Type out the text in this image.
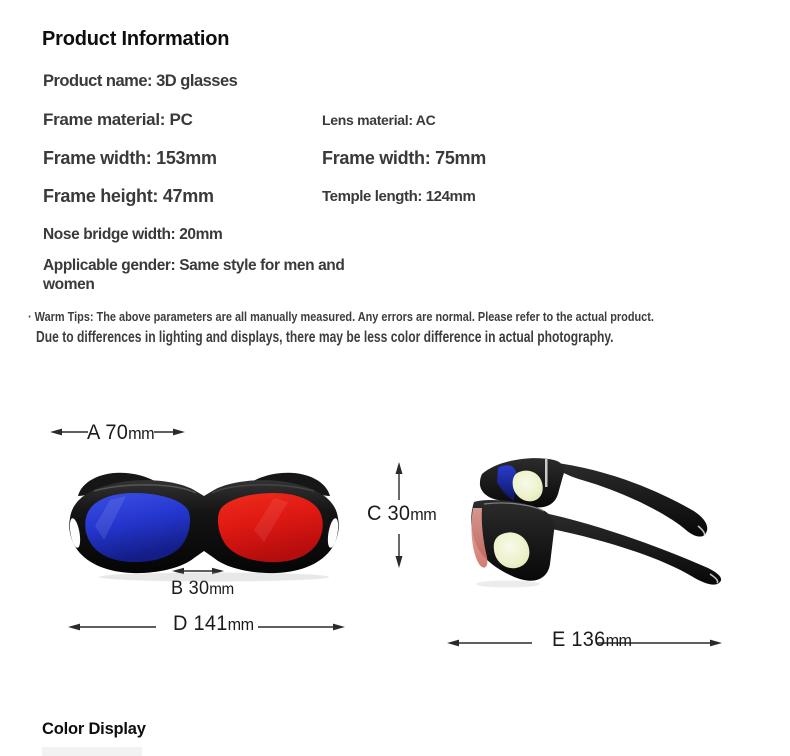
Product Information
Product name: 3D glasses
Frame material: PC	Lens material: AC
Frame width: 153mm	Frame width: 75mm
Frame height: 47mm	Temple length: 124mm
Nose bridge width: 20mm
Applicable gender: Same style for men and women
· Warm Tips: The above parameters are all manually measured. Any errors are normal. Please refer to the actual product.
Due to differences in lighting and displays, there may be less color difference in actual photography.
A 70mm
B 30mm
C 30mm
D 141mm
E 136mm
Color Display
